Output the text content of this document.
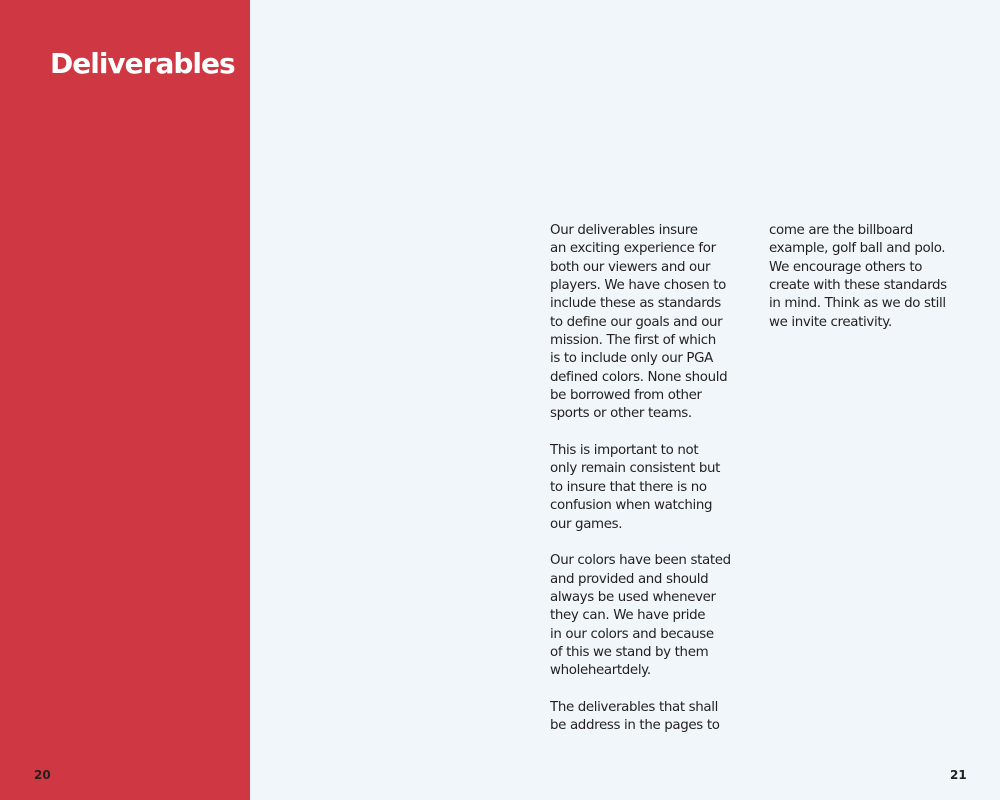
Deliverables
20

Our deliverables insure
an exciting experience for
both our viewers and our
players. We have chosen to
include these as standards
to define our goals and our
mission. The first of which
is to include only our PGA
defined colors. None should
be borrowed from other
sports or other teams.

This is important to not
only remain consistent but
to insure that there is no
confusion when watching
our games.

Our colors have been stated
and provided and should
always be used whenever
they can. We have pride
in our colors and because
of this we stand by them
wholeheartdely.

The deliverables that shall
be address in the pages to

come are the billboard
example, golf ball and polo.
We encourage others to
create with these standards
in mind. Think as we do still
we invite creativity.

21
